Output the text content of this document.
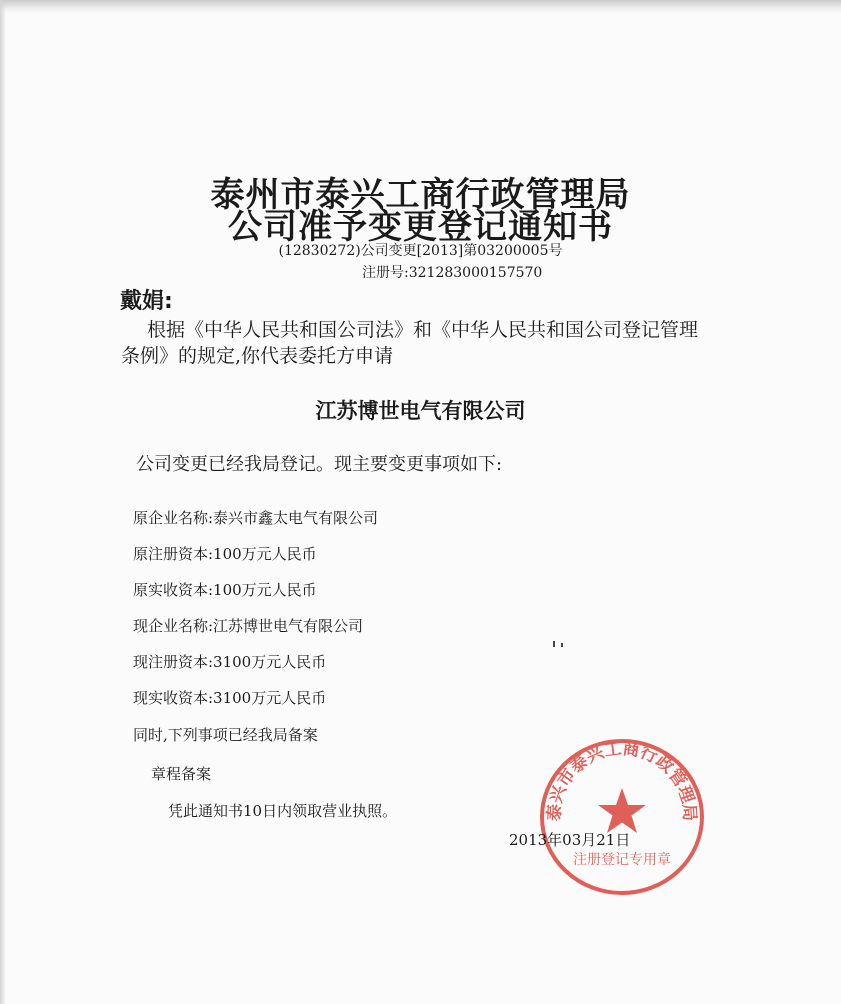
泰州市泰兴工商行政管理局
公司准予变更登记通知书
(12830272)公司变更[2013]第03200005号
注册号:321283000157570
戴娟:
根据《中华人民共和国公司法》和《中华人民共和国公司登记管理
条例》的规定,你代表委托方申请
江苏博世电气有限公司
公司变更已经我局登记。现主要变更事项如下:
原企业名称:泰兴市鑫太电气有限公司
原注册资本:100万元人民币
原实收资本:100万元人民币
现企业名称:江苏博世电气有限公司
现注册资本:3100万元人民币
现实收资本:3100万元人民币
同时,下列事项已经我局备案
章程备案
凭此通知书10日内领取营业执照。	泰兴市泰兴工商行政管理局
注册登记专用章
2013年03月21日
